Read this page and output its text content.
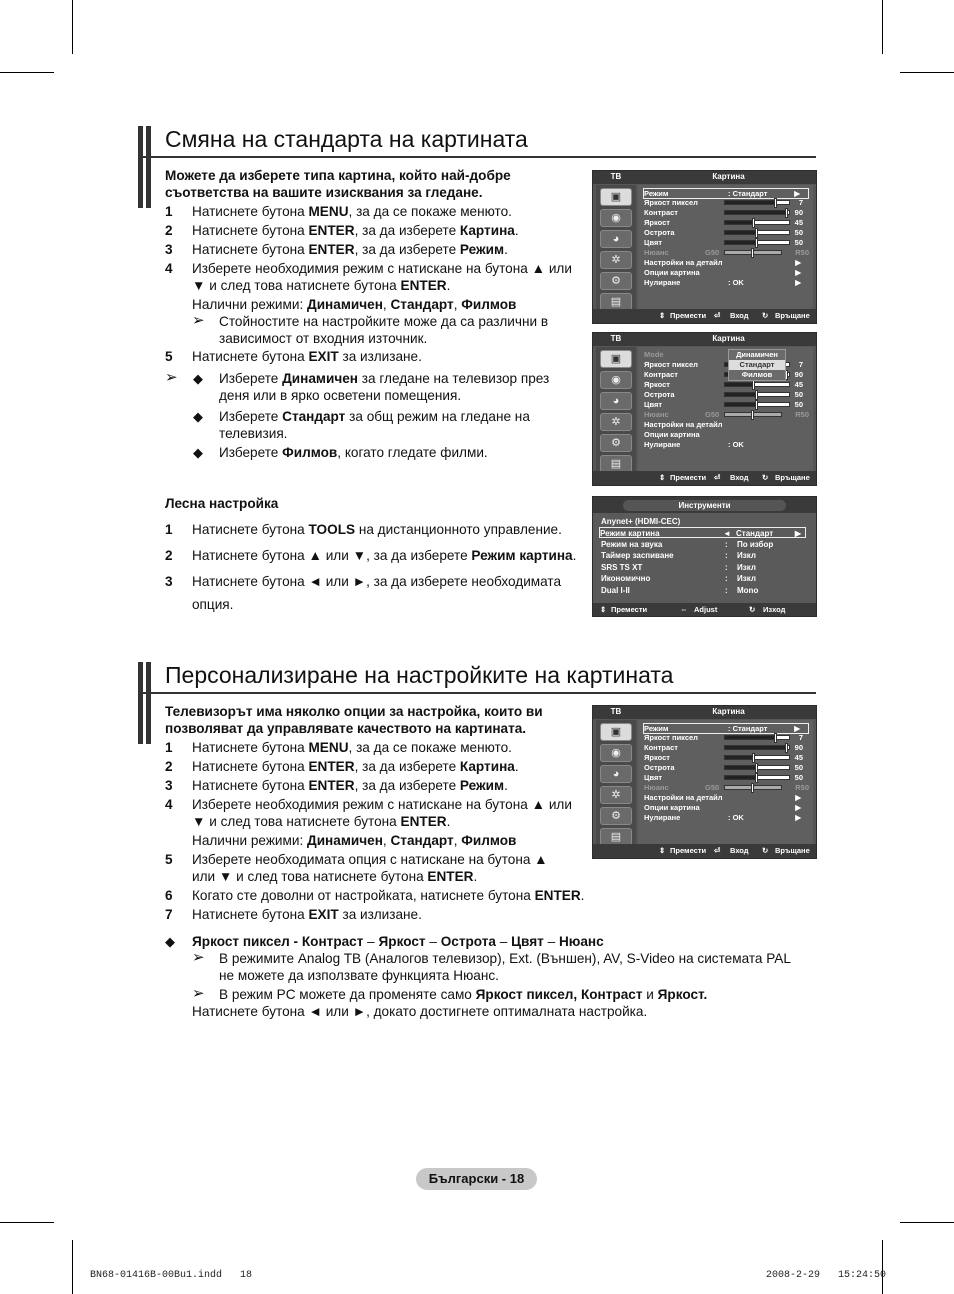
Смяна на стандарта на картината
Можете да изберете типа картина, който най-добре
съответства на вашите изисквания за гледане.
1 Натиснете бутона MENU, за да се покаже менюто.
2 Натиснете бутона ENTER, за да изберете Картина.
3 Натиснете бутона ENTER, за да изберете Режим.
4 Изберете необходимия режим с натискане на бутона ▲ или
▼ и след това натиснете бутона ENTER.
Налични режими: Динамичен, Стандарт, Филмов
➢ Стойностите на настройките може да са различни в
зависимост от входния източник.
5 Натиснете бутона EXIT за излизане.
➢ ◆ Изберете Динамичен за гледане на телевизор през
деня или в ярко осветени помещения.
◆ Изберете Стандарт за общ режим на гледане на
телевизия.
◆ Изберете Филмов, когато гледате филми.
Лесна настройка
1 Натиснете бутона TOOLS на дистанционното управление.
2 Натиснете бутона ▲ или ▼, за да изберете Режим картина.
3 Натиснете бутона ◄ или ►, за да изберете необходимата
опция.
Персонализиране на настройките на картината
Телевизорът има няколко опции за настройка, които ви
позволяват да управлявате качеството на картината.
1 Натиснете бутона MENU, за да се покаже менюто.
2 Натиснете бутона ENTER, за да изберете Картина.
3 Натиснете бутона ENTER, за да изберете Режим.
4 Изберете необходимия режим с натискане на бутона ▲ или
▼ и след това натиснете бутона ENTER.
Налични режими: Динамичен, Стандарт, Филмов
5 Изберете необходимата опция с натискане на бутона ▲
или ▼ и след това натиснете бутона ENTER.
6 Когато сте доволни от настройката, натиснете бутона ENTER.
7 Натиснете бутона EXIT за излизане.
◆ Яркост пиксел - Контраст – Яркост – Острота – Цвят – Нюанс
➢ В режимите Analog TB (Аналогов телевизор), Ext. (Външен), AV, S-Video на системата PAL
не можете да използвате функцията Нюанс.
➢ В режим PC можете да променяте само Яркост пиксел, Контраст и Яркост.
Натиснете бутона ◄ или ►, докато достигнете оптималната настройка.
ТВ	Картина
▣
◉
◕
✲
⚙
▤
Режим	: Стандарт	▶
Яркост пиксел	7
Контраст	90
Яркост	45
Острота	50
Цвят	50
Нюанс	G50	R50
Настройки на детайл	▶
Опции картина	▶
Нулиране	: OK	▶
⇕ Премести ⏎ Вход ↻ Връщане
ТВ	Картина
▣
◉
◕
✲
⚙
▤
Mode
Яркост пиксел	7
Контраст	90
Яркост	45
Острота	50
Цвят	50
Нюанс	G50	R50
Настройки на детайл
Опции картина
Нулиране	: OK
Динамичен
Стандарт
Филмов
⇕ Премести ⏎ Вход ↻ Връщане
ТВ	Картина
▣
◉
◕
✲
⚙
▤
Режим	: Стандарт	▶
Яркост пиксел	7
Контраст	90
Яркост	45
Острота	50
Цвят	50
Нюанс	G50	R50
Настройки на детайл	▶
Опции картина	▶
Нулиране	: OK	▶
⇕ Премести ⏎ Вход ↻ Връщане
Инструменти
Anynet+ (HDMI-CEC)
⇕ Премести	⇔ Adjust	↻ Изход
Режим картина	◄ Стандарт	▶
Режим на звука	: По избор
Таймер заспиване	: Изкл
SRS TS XT	: Изкл
Икономично	: Изкл
Dual I-II	: Mono
Български - 18
BN68-01416B-00Bu1.indd   18	2008-2-29   15:24:50
